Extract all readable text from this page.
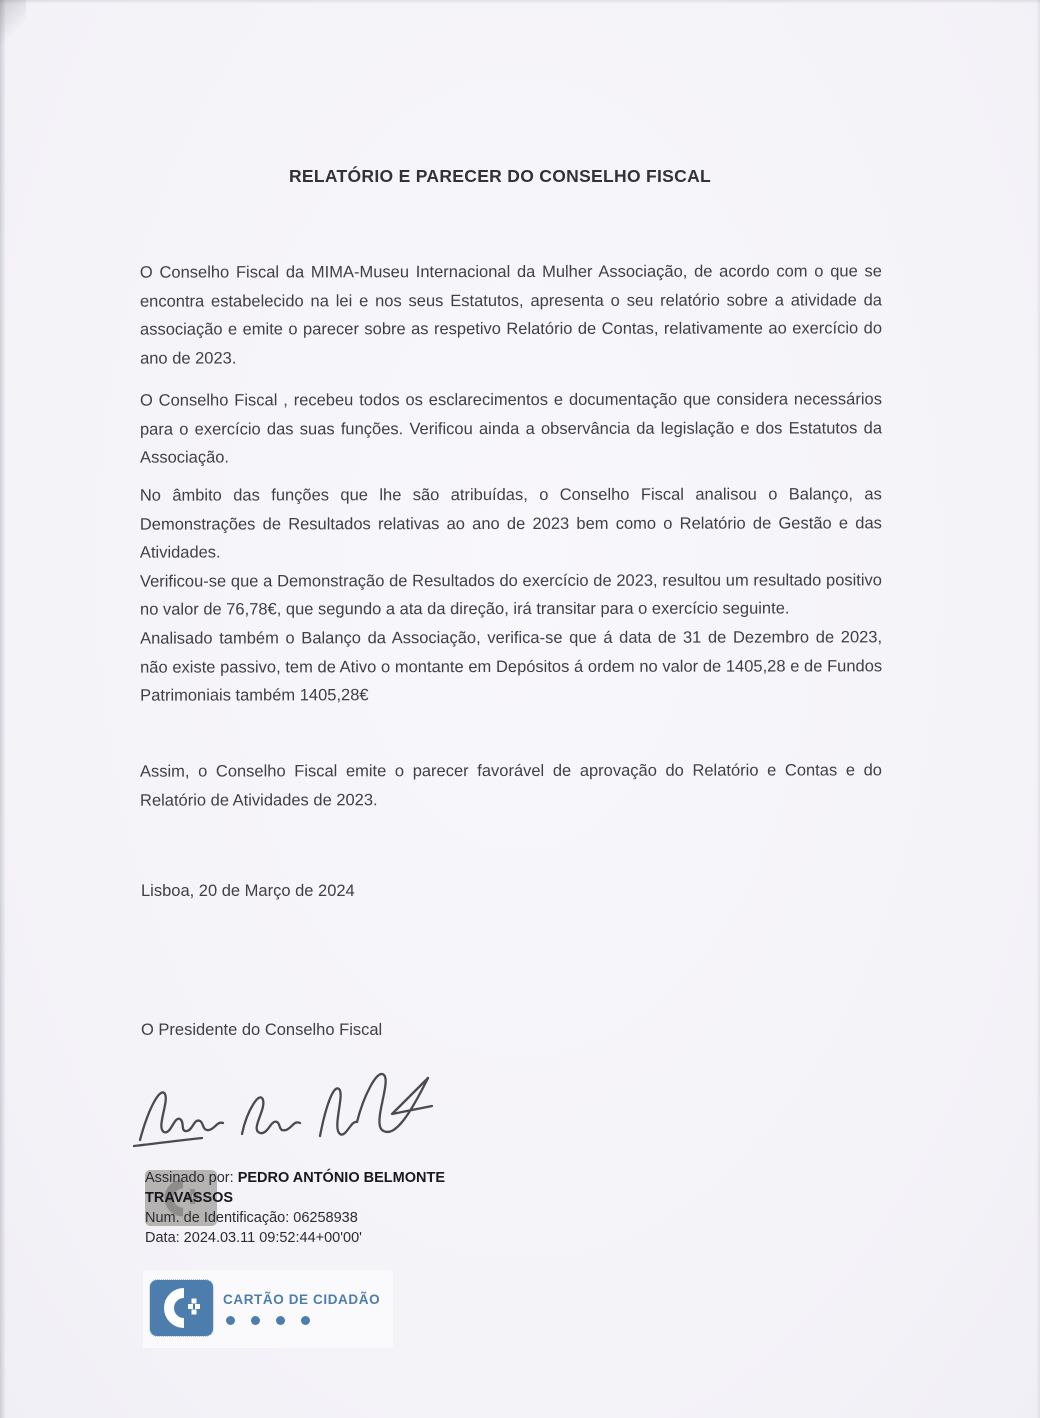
RELATÓRIO E PARECER DO CONSELHO FISCAL
O Conselho Fiscal da MIMA-Museu Internacional da Mulher Associação, de acordo com o que se encontra estabelecido na lei e nos seus Estatutos, apresenta o seu relatório sobre a atividade da associação e emite o parecer sobre as respetivo Relatório de Contas, relativamente ao exercício do ano de 2023.
O Conselho Fiscal , recebeu todos os esclarecimentos e documentação que considera necessários para o exercício das suas funções. Verificou ainda a observância da legislação e dos Estatutos da Associação.

No âmbito das funções que lhe são atribuídas, o Conselho Fiscal analisou o Balanço, as Demonstrações de Resultados relativas ao ano de 2023 bem como o Relatório de Gestão e das Atividades.

Verificou-se que a Demonstração de Resultados do exercício de 2023, resultou um resultado positivo no valor de 76,78€, que segundo a ata da direção, irá transitar para o exercício seguinte.

Analisado também o Balanço da Associação, verifica-se que á data de 31 de Dezembro de 2023, não existe passivo, tem de Ativo o montante em Depósitos á ordem no valor de 1405,28 e de Fundos Patrimoniais também 1405,28€

Assim, o Conselho Fiscal emite o parecer favorável de aprovação do Relatório e Contas e do Relatório de Atividades de 2023.
Lisboa, 20 de Março de 2024
O Presidente do Conselho Fiscal
Assinado por: PEDRO ANTÓNIO BELMONTE TRAVASSOS
Num. de Identificação: 06258938
Data: 2024.03.11 09:52:44+00'00'
CARTÃO DE CIDADÃO
